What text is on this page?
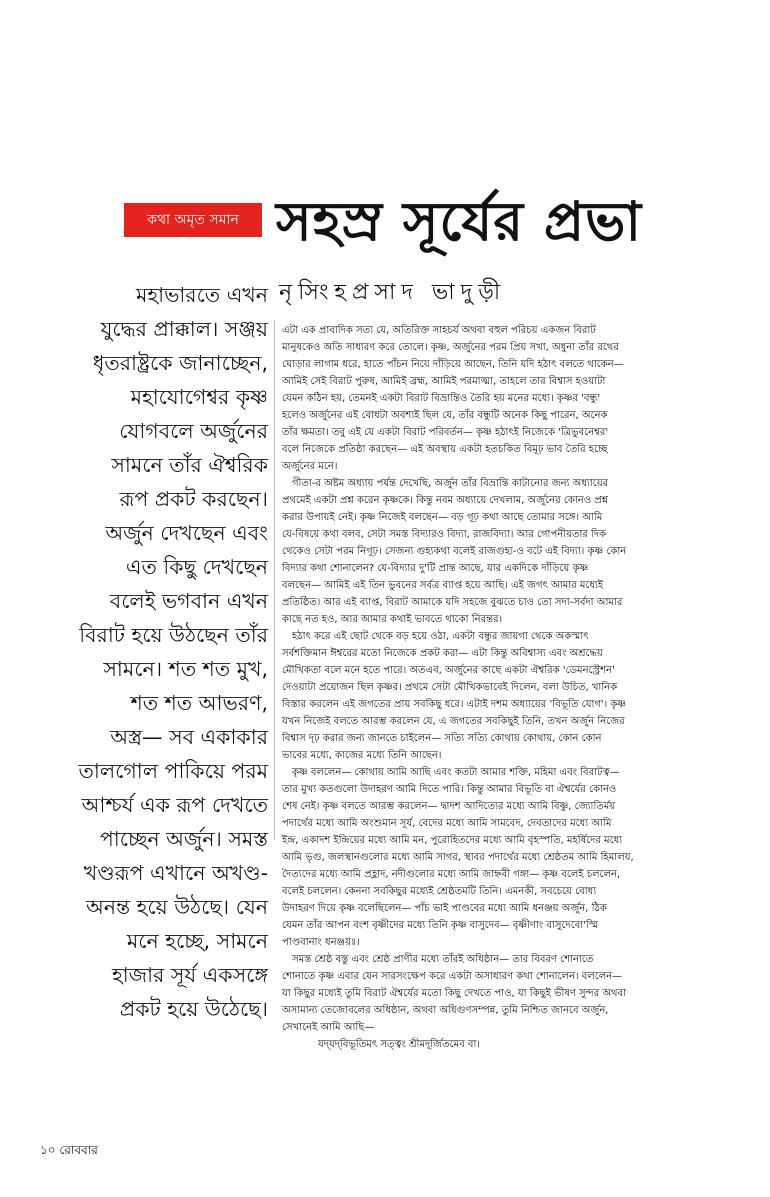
কথা অমৃত সমান সহস্র সূর্যের প্রভা
নৃসিংহপ্রসাদ ভাদুড়ী
মহাভারতে এখন
যুদ্ধের প্রাক্কাল। সঞ্জয়
ধৃতরাষ্ট্রকে জানাচ্ছেন,
মহাযোগেশ্বর কৃষ্ণ
যোগবলে অর্জুনের
সামনে তাঁর ঐশ্বরিক
রূপ প্রকট করছেন।
অর্জুন দেখছেন এবং
এত কিছু দেখছেন
বলেই ভগবান এখন
বিরাট হয়ে উঠছেন তাঁর
সামনে। শত শত মুখ,
শত শত আভরণ,
অস্ত্র— সব একাকার
তালগোল পাকিয়ে পরম
আশ্চর্য এক রূপ দেখতে
পাচ্ছেন অর্জুন। সমস্ত
খণ্ডরূপ এখানে অখণ্ড-
অনন্ত হয়ে উঠছে। যেন
মনে হচ্ছে, সামনে
হাজার সূর্য একসঙ্গে
প্রকট হয়ে উঠেছে।
এটা এক প্রাবাদিক সত্য যে, অতিরিক্ত সাহচর্য অথবা বহুল পরিচয় একজন বিরাট
মানুষকেও অতি সাধারণ করে তোলে। কৃষ্ণ, অর্জুনের পরম প্রিয় সখা, অধুনা তাঁর রথের
ঘোড়ার লাগাম ধরে, হাতে পাঁচন নিয়ে দাঁড়িয়ে আছেন, তিনি যদি হঠাৎ বলতে থাকেন—
আমিই সেই বিরাট পুরুষ, আমিই ব্রহ্ম, আমিই পরমাত্মা, তাহলে তার বিশ্বাস হওয়াটা
যেমন কঠিন হয়, তেমনই একটা বিরাট বিভ্রান্তিও তৈরি হয় মনের মধ্যে। কৃষ্ণর 'বন্ধু'
হলেও অর্জুনের এই বোধটা অবশ্যই ছিল যে, তাঁর বন্ধুটি অনেক কিছু পারেন, অনেক
তাঁর ক্ষমতা। তবু এই যে একটা বিরাট পরিবর্তন— কৃষ্ণ হঠাৎই নিজেকে 'ত্রিভুবনেশ্বর'
বলে নিজেকে প্রতিষ্ঠা করছেন— এই অবস্থায় একটা হতচকিত বিমূঢ় ভাব তৈরি হচ্ছে
অর্জুনের মনে।
গীতা-র অষ্টম অধ্যায় পর্যন্ত দেখেছি, অর্জুন তাঁর বিভ্রান্তি কাটানোর জন্য অধ্যায়ের
প্রথমেই একটা প্রশ্ন করেন কৃষ্ণকে। কিন্তু নবম অধ্যায়ে দেখলাম, অর্জুনের কোনও প্রশ্ন
করার উপায়ই নেই। কৃষ্ণ নিজেই বলছেন— বড় গূঢ় কথা আছে তোমার সঙ্গে। আমি
যে-বিষয়ে কথা বলব, সেটা সমস্ত বিদ্যারও বিদ্যা, রাজবিদ্যা। আর গোপনীয়তার দিক
থেকেও সেটা পরম নিগূঢ়। সেজন্য গুহ্যকথা বলেই রাজগুহ্য-ও বটে এই বিদ্যা। কৃষ্ণ কোন
বিদ্যার কথা শোনালেন? যে-বিদ্যার দু'টি প্রান্ত আছে, যার একদিকে দাঁড়িয়ে কৃষ্ণ
বলছেন— আমিই এই তিন ভুবনের সর্বত্র ব্যাপ্ত হয়ে আছি। এই জগৎ আমার মধ্যেই
প্রতিষ্ঠিত। আর এই ব্যাপ্ত, বিরাট আমাকে যদি সহজে বুঝতে চাও তো সদা-সর্বদা আমার
কাছে নত হও, আর আমার কথাই ভাবতে থাকো নিরন্তর।
হঠাৎ করে এই ছোট থেকে বড় হয়ে ওঠা, একটা বন্ধুর জায়গা থেকে অকস্মাৎ
সর্বশক্তিমান ঈশ্বরের মতো নিজেকে প্রকট করা— এটা কিন্তু অবিশ্বাস্য এবং অশ্রদ্ধেয়
মৌখিকতা বলে মনে হতে পারে। অতএব, অর্জুনের কাছে একটা ঐশ্বরিক 'ডেমনস্ট্রেশন'
দেওয়াটা প্রয়োজন ছিল কৃষ্ণর। প্রথমে সেটা মৌখিকভাবেই দিলেন, বলা উচিত, খানিক
বিস্তার করলেন এই জগতের প্রায় সবকিছু ধরে। এটাই দশম অধ্যায়ের 'বিভূতি যোগ'। কৃষ্ণ
যখন নিজেই বলতে আরম্ভ করলেন যে, এ জগতের সবকিছুই তিনি, তখন অর্জুন নিজের
বিশ্বাস দৃঢ় করার জন্য জানতে চাইলেন— সত্যি সত্যি কোথায় কোথায়, কোন কোন
ভাবের মধ্যে, কাজের মধ্যে তিনি আছেন।
কৃষ্ণ বললেন— কোথায় আমি আছি এবং কতটা আমার শক্তি, মহিমা এবং বিরাটত্ব—
তার মুখ্য কতগুলো উদাহরণ আমি দিতে পারি। কিন্তু আমার বিভূতি বা ঐশ্বর্যের কোনও
শেষ নেই। কৃষ্ণ বলতে আরম্ভ করলেন— দ্বাদশ আদিত্যের মধ্যে আমি বিষ্ণু, জ্যোতির্ময়
পদার্থের মধ্যে আমি অংশুমান সূর্য, বেদের মধ্যে আমি সামবেদ, দেবতাদের মধ্যে আমি
ইন্দ্র, একাদশ ইন্দ্রিয়ের মধ্যে আমি মন, পুরোহিতদের মধ্যে আমি বৃহস্পতি, মহর্ষিদের মধ্যে
আমি ভৃগু, জলস্থানগুলোর মধ্যে আমি সাগর, স্থাবর পদার্থের মধ্যে শ্রেষ্ঠতম আমি হিমালয়,
দৈত্যদের মধ্যে আমি প্রহ্লাদ, নদীগুলোর মধ্যে আমি জাহ্নবী গঙ্গা— কৃষ্ণ বলেই চললেন,
বলেই চললেন। কেননা সবকিছুর মধ্যেই শ্রেষ্ঠতমটি তিনি। এমনকী, সবচেয়ে বোধ্য
উদাহরণ দিয়ে কৃষ্ণ বলেছিলেন— পাঁচ ভাই পাণ্ডবের মধ্যে আমি ধনঞ্জয় অর্জুন, ঠিক
যেমন তাঁর আপন বংশ বৃষ্ণীদের মধ্যে তিনি কৃষ্ণ বাসুদেব— বৃষ্ণীণাং বাসুদেবো'স্মি
পাণ্ডবানাং ধনঞ্জয়ঃ।
সমস্ত শ্রেষ্ঠ বস্তু এবং শ্রেষ্ঠ প্রাণীর মধ্যে তাঁরই অধিষ্ঠান— তার বিবরণ শোনাতে
শোনাতে কৃষ্ণ এবার যেন সারসংক্ষেপ করে একটা অসাধারণ কথা শোনালেন। বললেন—
যা কিছুর মধ্যেই তুমি বিরাট ঐশ্বর্যের মতো কিছু দেখতে পাও, যা কিছুই ভীষণ সুন্দর অথবা
অসামান্য তেজোবলের অধিষ্ঠান, অথবা অধিগুণসম্পন্ন, তুমি নিশ্চিত জানবে অর্জুন,
সেখানেই আমি আছি—
যদ্‌যদ্‌বিভূতিমৎ সত্ত্বং শ্রীমদূর্জিতমেব বা।
১০ রোববার
